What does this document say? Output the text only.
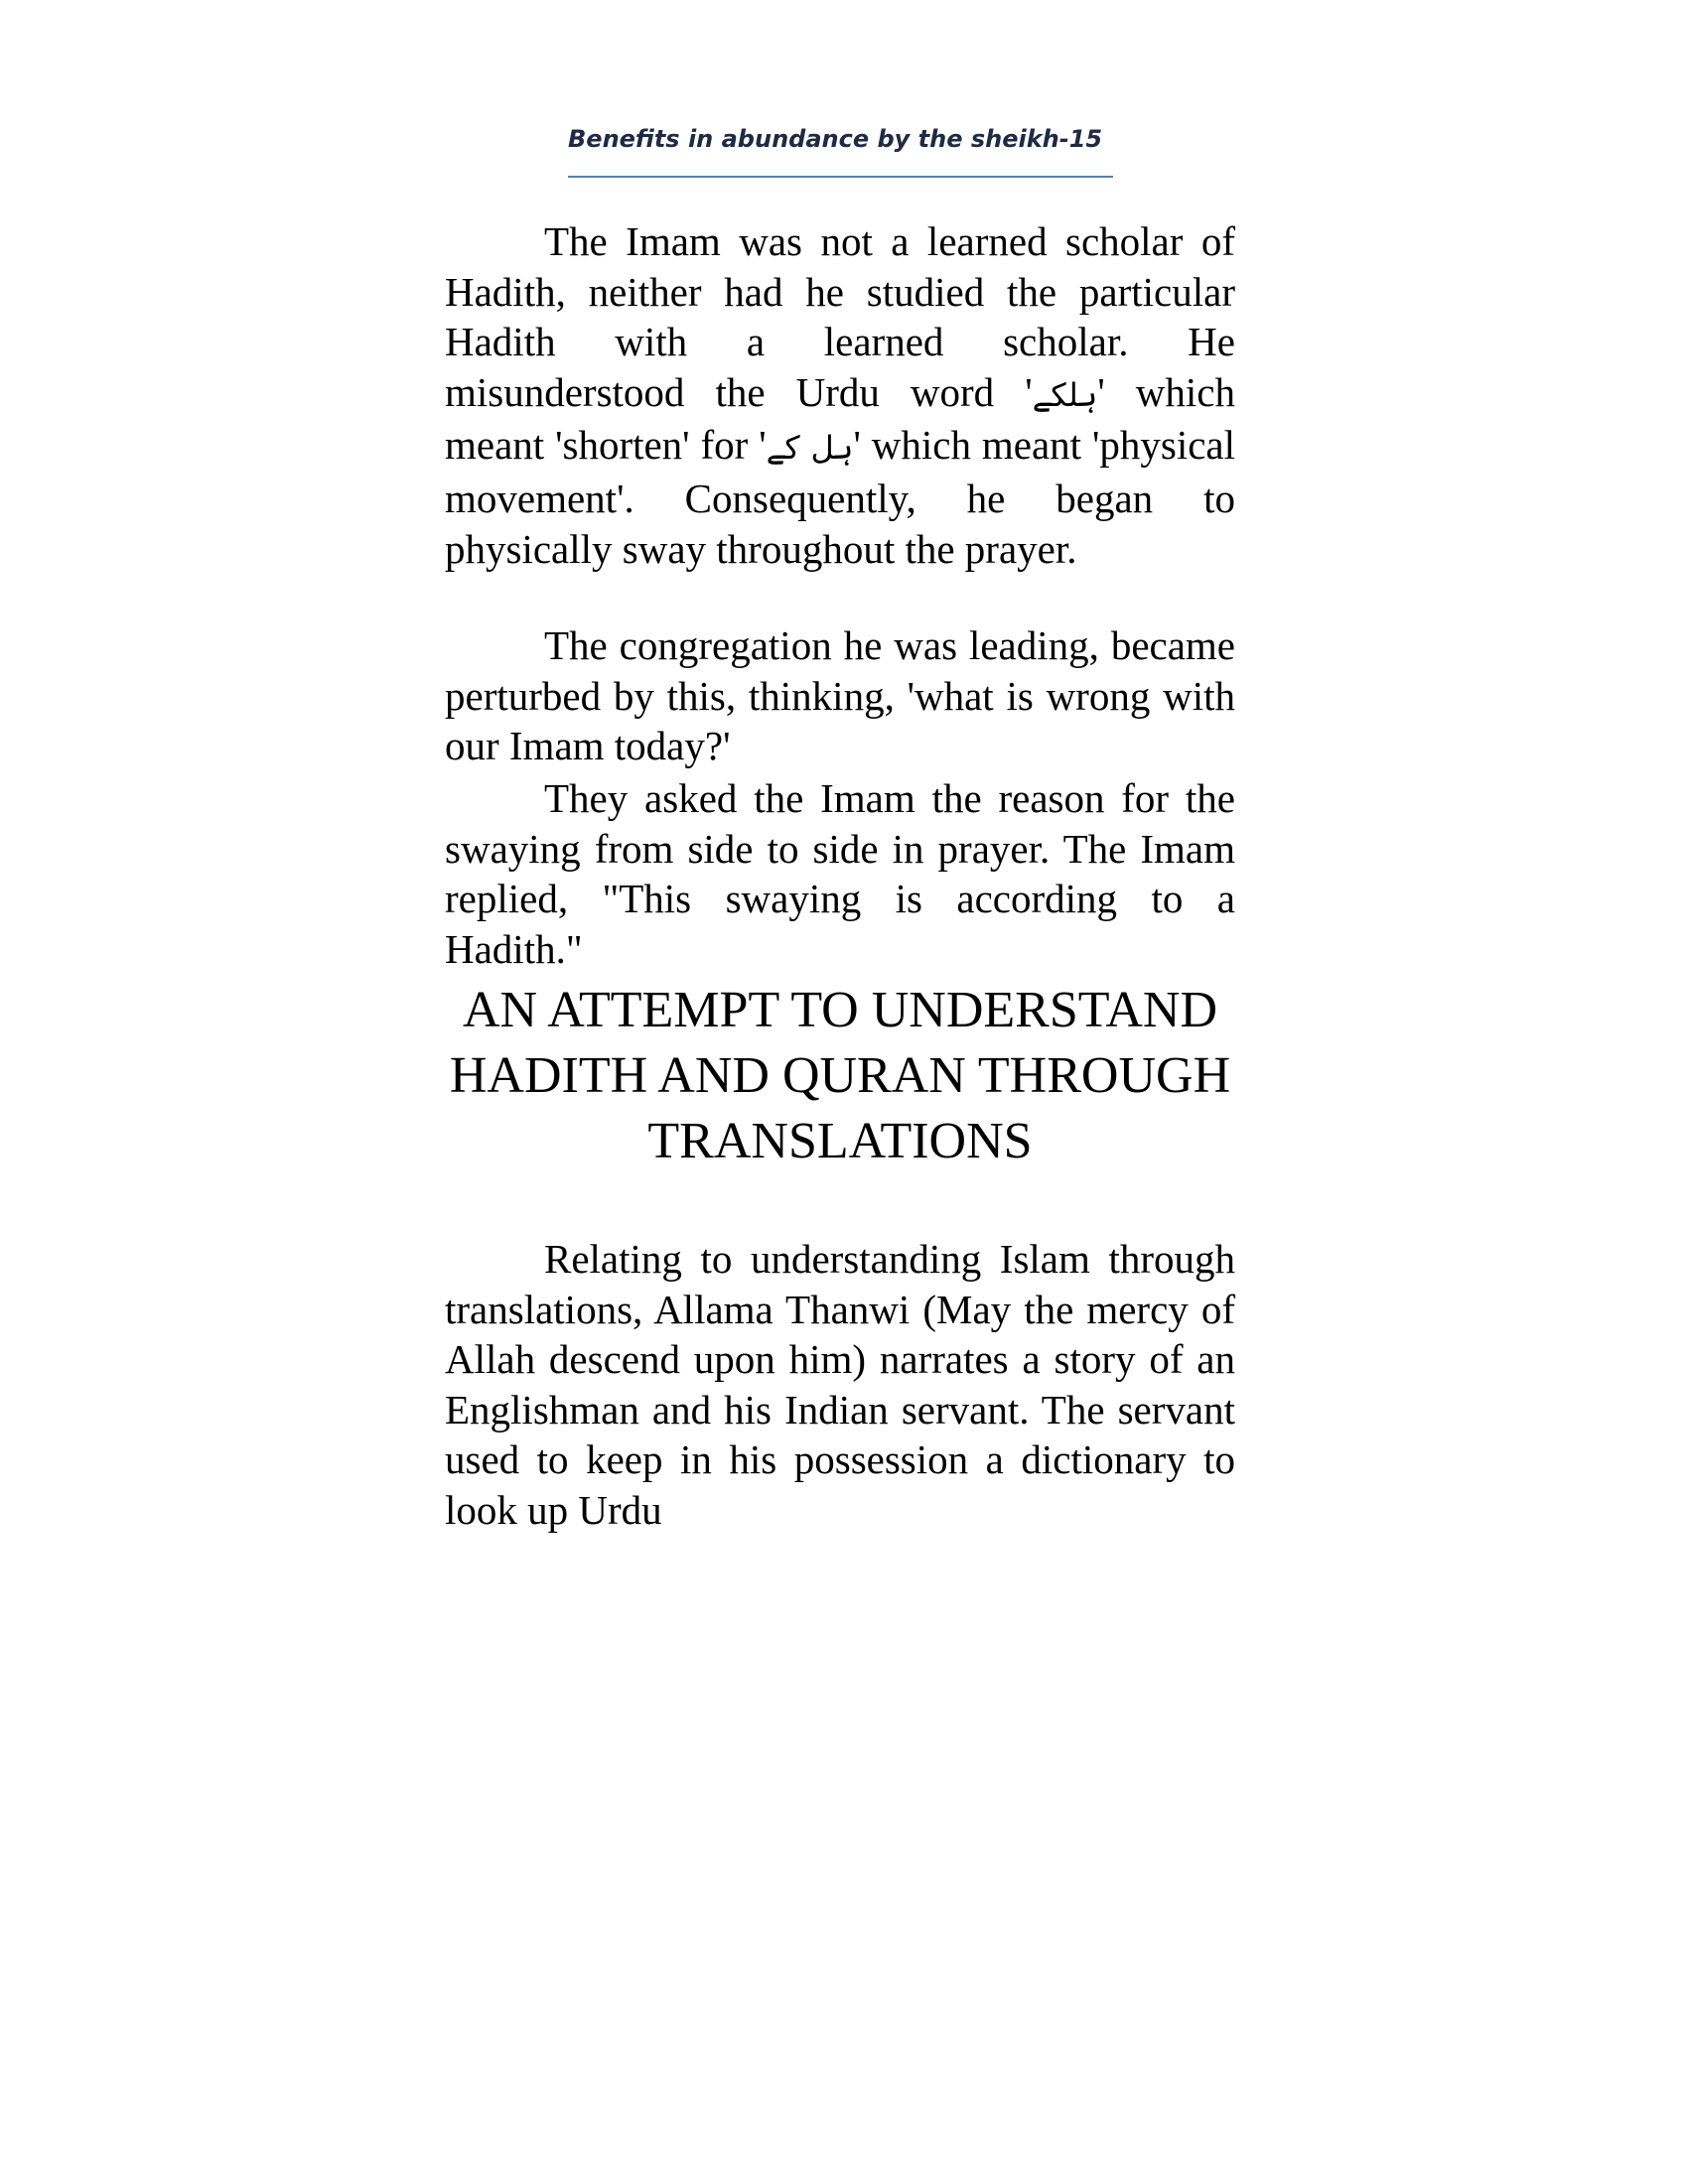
Benefits in abundance by the sheikh-15

The Imam was not a learned scholar of Hadith, neither had he studied the particular Hadith with a learned scholar. He misunderstood the Urdu word 'ہلکے' which meant 'shorten' for 'ہل کے' which meant 'physical movement'. Consequently, he began to physically sway throughout the prayer.

The congregation he was leading, became perturbed by this, thinking, 'what is wrong with our Imam today?'

They asked the Imam the reason for the swaying from side to side in prayer. The Imam replied, "This swaying is according to a Hadith."

AN ATTEMPT TO UNDERSTAND HADITH AND QURAN THROUGH TRANSLATIONS

Relating to understanding Islam through translations, Allama Thanwi (May the mercy of Allah descend upon him) narrates a story of an Englishman and his Indian servant. The servant used to keep in his possession a dictionary to look up Urdu
